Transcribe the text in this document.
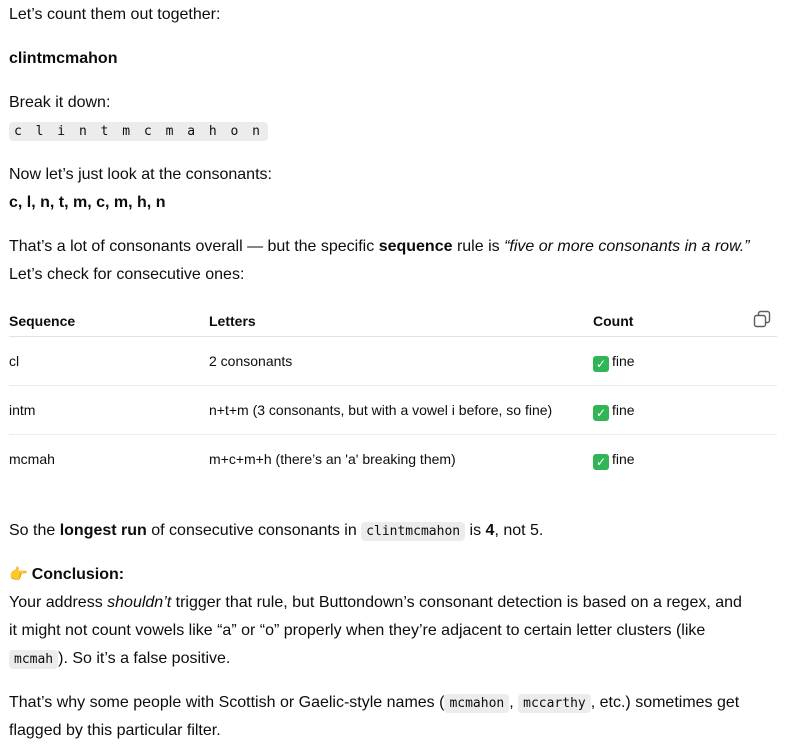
Let’s count them out together:

clintmcmahon

Break it down:

c l i n t m c m a h o n

Now let’s just look at the consonants:

c, l, n, t, m, c, m, h, n

That’s a lot of consonants overall — but the specific sequence rule is “five or more consonants in a row.”

Let’s check for consecutive ones:

Sequence	Letters	Count
cl	2 consonants	✓ fine
intm	n+t+m (3 consonants, but with a vowel i before, so fine)	✓ fine
mcmah	m+c+m+h (there’s an 'a' breaking them)	✓ fine

So the longest run of consecutive consonants in clintmcmahon is 4, not 5.

👉 Conclusion:

Your address shouldn’t trigger that rule, but Buttondown’s consonant detection is based on a regex, and

it might not count vowels like “a” or “o” properly when they’re adjacent to certain letter clusters (like

mcmah ). So it’s a false positive.

That’s why some people with Scottish or Gaelic-style names ( mcmahon , mccarthy , etc.) sometimes get

flagged by this particular filter.
